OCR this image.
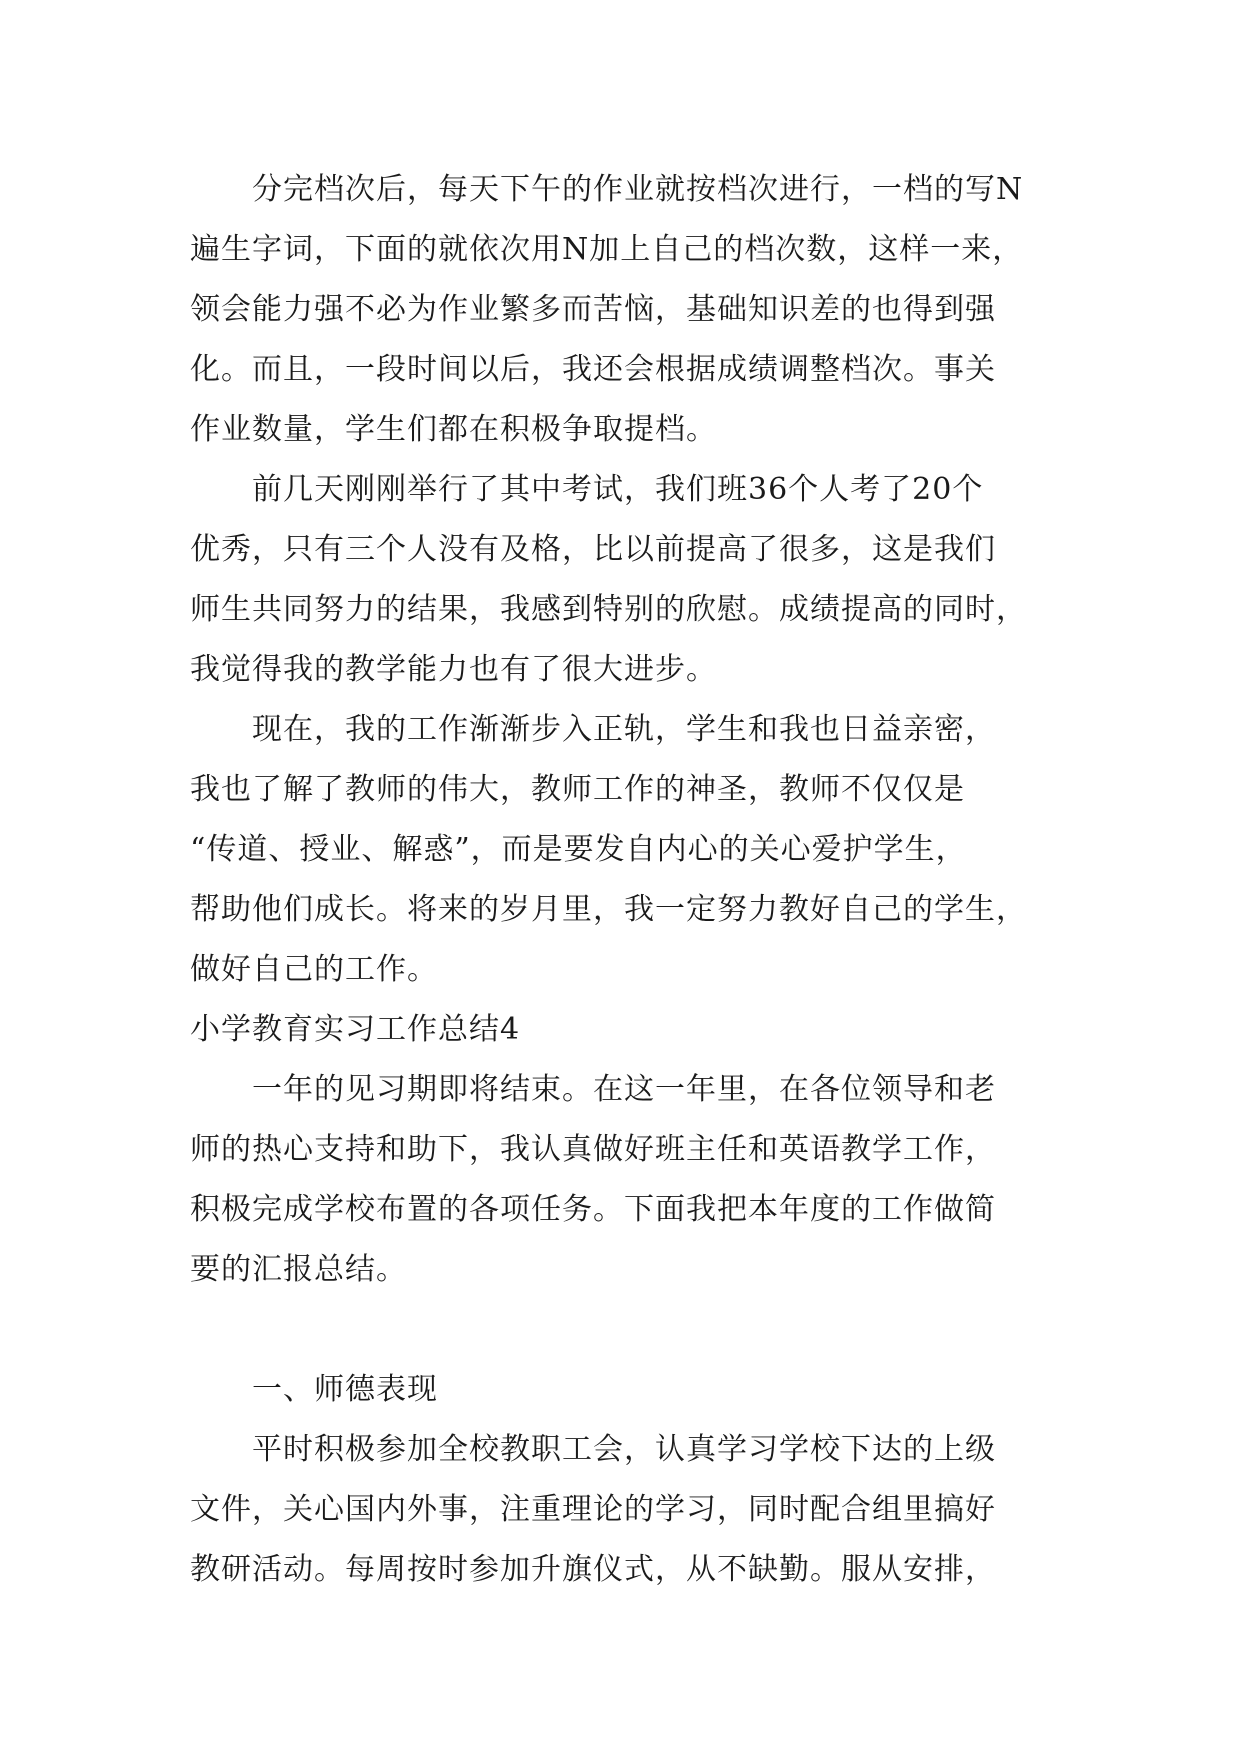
　　分完档次后，每天下午的作业就按档次进行，一档的写N
遍生字词，下面的就依次用N加上自己的档次数，这样一来，
领会能力强不必为作业繁多而苦恼，基础知识差的也得到强
化。而且，一段时间以后，我还会根据成绩调整档次。事关
作业数量，学生们都在积极争取提档。
　　前几天刚刚举行了其中考试，我们班36个人考了20个
优秀，只有三个人没有及格，比以前提高了很多，这是我们
师生共同努力的结果，我感到特别的欣慰。成绩提高的同时，
我觉得我的教学能力也有了很大进步。
　　现在，我的工作渐渐步入正轨，学生和我也日益亲密，
我也了解了教师的伟大，教师工作的神圣，教师不仅仅是
“传道、授业、解惑”，而是要发自内心的关心爱护学生，
帮助他们成长。将来的岁月里，我一定努力教好自己的学生，
做好自己的工作。
小学教育实习工作总结4
　　一年的见习期即将结束。在这一年里，在各位领导和老
师的热心支持和助下，我认真做好班主任和英语教学工作，
积极完成学校布置的各项任务。下面我把本年度的工作做简
要的汇报总结。
　　一、师德表现
　　平时积极参加全校教职工会，认真学习学校下达的上级
文件，关心国内外事，注重理论的学习，同时配合组里搞好
教研活动。每周按时参加升旗仪式，从不缺勤。服从安排，
